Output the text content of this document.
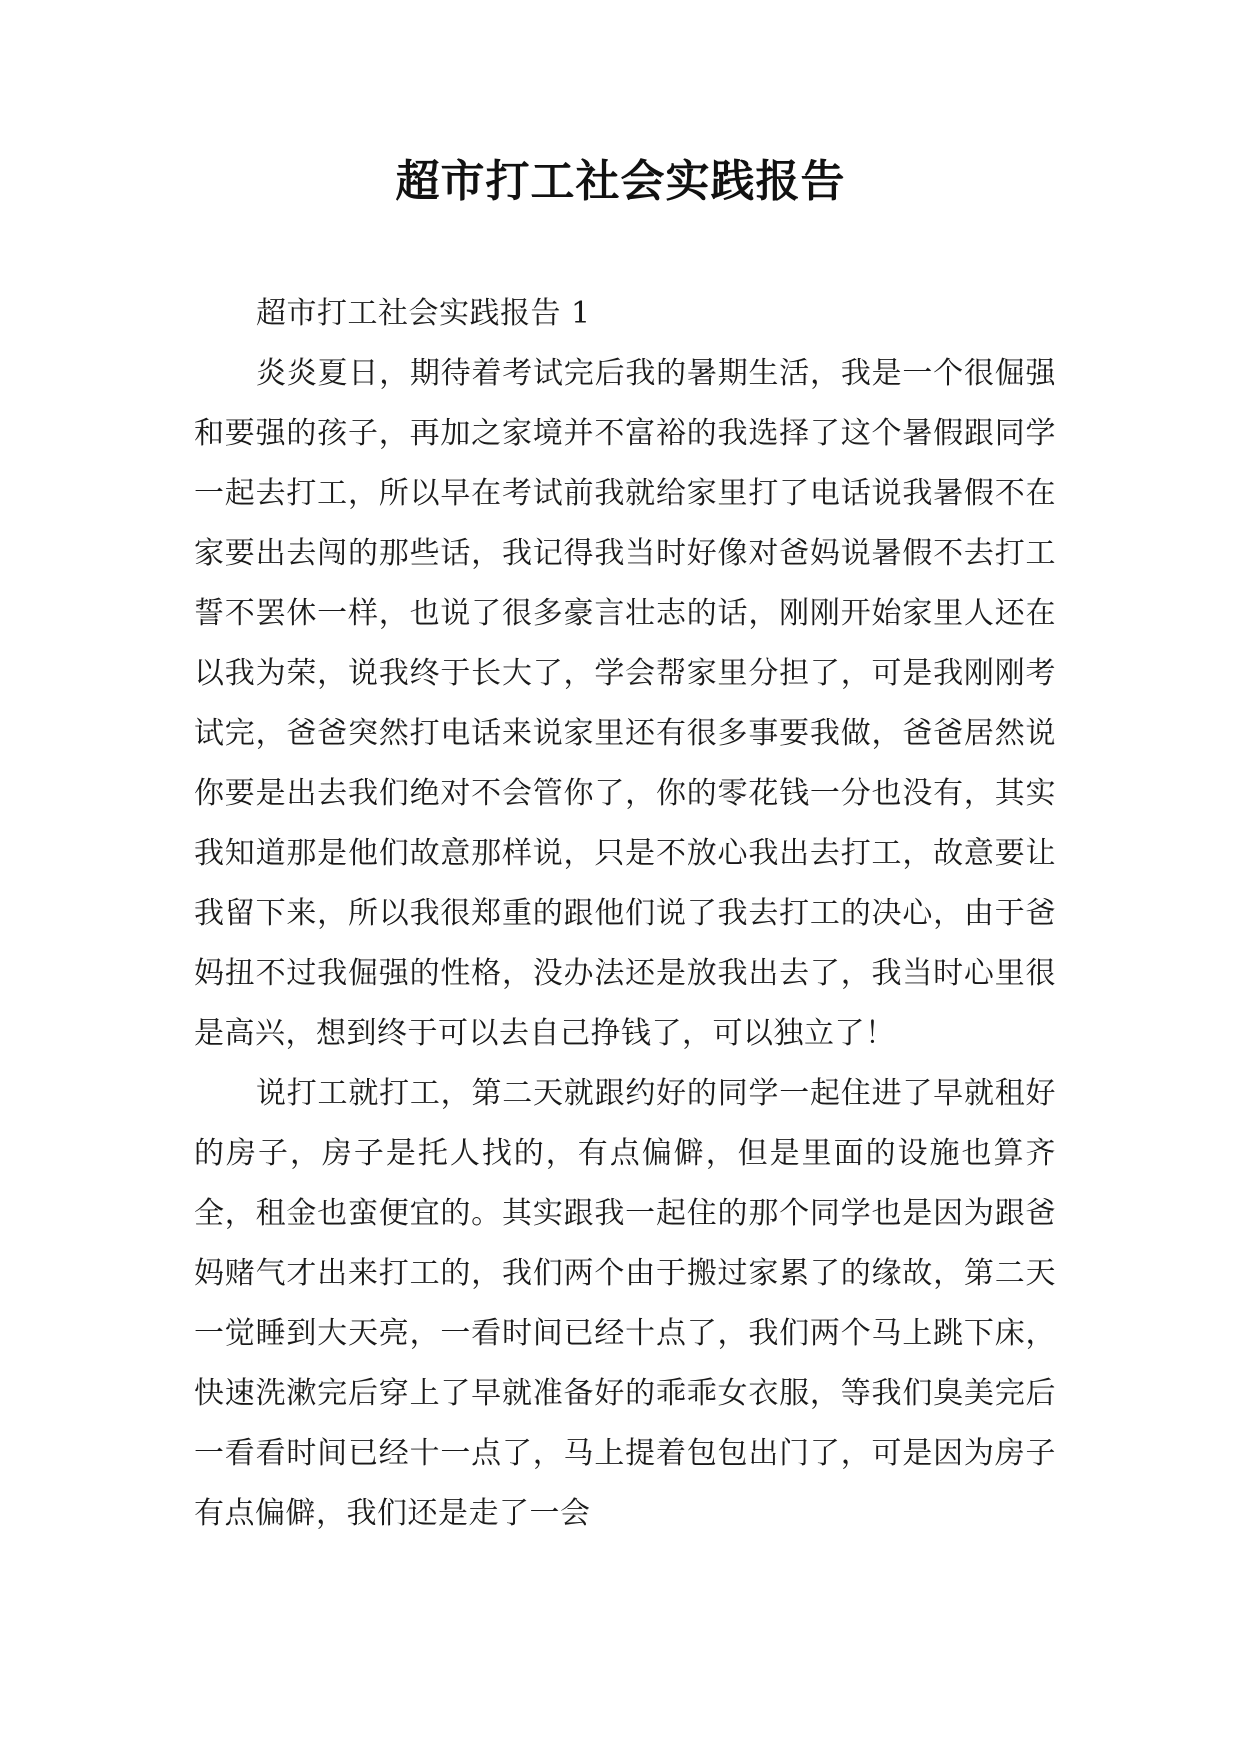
超市打工社会实践报告

超市打工社会实践报告 1

炎炎夏日，期待着考试完后我的暑期生活，我是一个很倔强和要强的孩子，再加之家境并不富裕的我选择了这个暑假跟同学一起去打工，所以早在考试前我就给家里打了电话说我暑假不在家要出去闯的那些话，我记得我当时好像对爸妈说暑假不去打工誓不罢休一样，也说了很多豪言壮志的话，刚刚开始家里人还在以我为荣，说我终于长大了，学会帮家里分担了，可是我刚刚考试完，爸爸突然打电话来说家里还有很多事要我做，爸爸居然说你要是出去我们绝对不会管你了，你的零花钱一分也没有，其实我知道那是他们故意那样说，只是不放心我出去打工，故意要让我留下来，所以我很郑重的跟他们说了我去打工的决心，由于爸妈扭不过我倔强的性格，没办法还是放我出去了，我当时心里很是高兴，想到终于可以去自己挣钱了，可以独立了！

说打工就打工，第二天就跟约好的同学一起住进了早就租好的房子，房子是托人找的，有点偏僻，但是里面的设施也算齐全，租金也蛮便宜的。其实跟我一起住的那个同学也是因为跟爸妈赌气才出来打工的，我们两个由于搬过家累了的缘故，第二天一觉睡到大天亮，一看时间已经十点了，我们两个马上跳下床，快速洗漱完后穿上了早就准备好的乖乖女衣服，等我们臭美完后一看看时间已经十一点了，马上提着包包出门了，可是因为房子有点偏僻，我们还是走了一会
